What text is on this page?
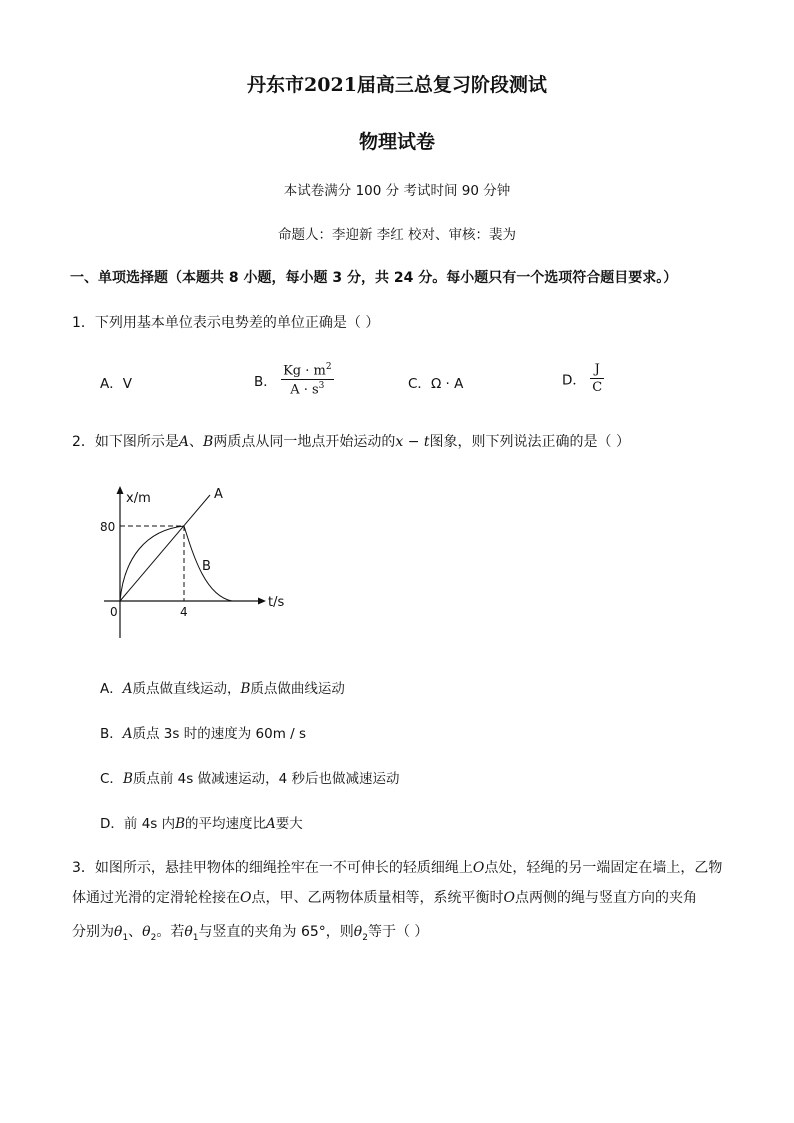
丹东市2021届高三总复习阶段测试
物理试卷
本试卷满分 100 分 考试时间 90 分钟
命题人：李迎新 李红 校对、审核：裴为
一、单项选择题（本题共 8 小题，每小题 3 分，共 24 分。每小题只有一个选项符合题目要求。）
1．下列用基本单位表示电势差的单位正确是（ ）
A．V	B． $\frac{Kg \cdot m^2}{A \cdot s^3}$	C．Ω · A	D． $\frac{J}{C}$
2．如下图所示是A、B两质点从同一地点开始运动的x − t图象，则下列说法正确的是（ ）
x/m
t/s
80
4
0
A
B
A．A质点做直线运动，B质点做曲线运动
B．A质点 3s 时的速度为 60m / s
C．B质点前 4s 做减速运动，4 秒后也做减速运动
D．前 4s 内B的平均速度比A要大
3．如图所示，悬挂甲物体的细绳拴牢在一不可伸长的轻质细绳上O点处，轻绳的另一端固定在墙上，乙物
体通过光滑的定滑轮栓接在O点，甲、乙两物体质量相等，系统平衡时O点两侧的绳与竖直方向的夹角
分别为$\theta_1$、$\theta_2$。若$\theta_1$与竖直的夹角为 65°，则$\theta_2$等于（ ）
